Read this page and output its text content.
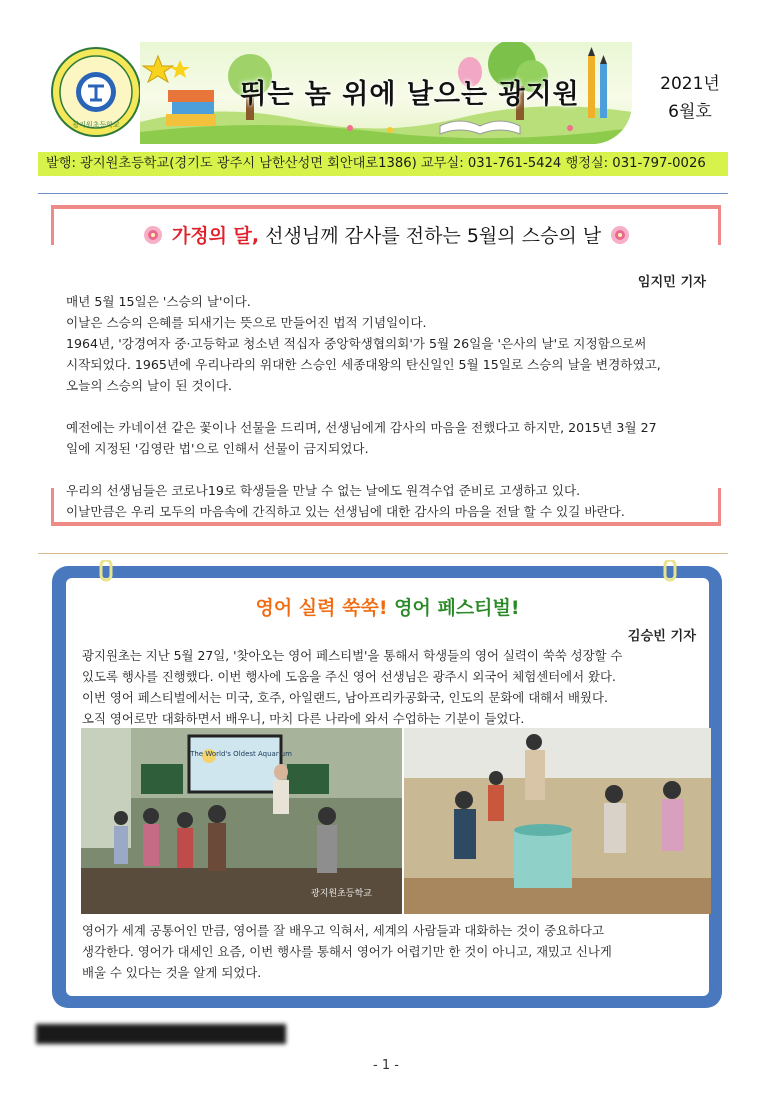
광지원초등학교
뛰는 놈 위에 날으는 광지원	2021년
6월호
발행: 광지원초등학교(경기도 광주시 남한산성면 회안대로1386) 교무실: 031-761-5424 행정실: 031-797-0026
가정의 달, 선생님께 감사를 전하는 5월의 스승의 날
임지민 기자

매년 5월 15일은 '스승의 날'이다.

이날은 스승의 은혜를 되새기는 뜻으로 만들어진 법적 기념일이다.

1964년, '강경여자 중·고등학교 청소년 적십자 중앙학생협의회'가 5월 26일을 '은사의 날'로 지정함으로써

시작되었다. 1965년에 우리나라의 위대한 스승인 세종대왕의 탄신일인 5월 15일로 스승의 날을 변경하였고,

오늘의 스승의 날이 된 것이다.

예전에는 카네이션 같은 꽃이나 선물을 드리며, 선생님에게 감사의 마음을 전했다고 하지만, 2015년 3월 27

일에 지정된 '김영란 법'으로 인해서 선물이 금지되었다.

우리의 선생님들은 코로나19로 학생들을 만날 수 없는 날에도 원격수업 준비로 고생하고 있다.

이날만큼은 우리 모두의 마음속에 간직하고 있는 선생님에 대한 감사의 마음을 전달 할 수 있길 바란다.

영어 실력 쑥쑥! 영어 페스티벌!
김승빈 기자

광지원초는 지난 5월 27일, '찾아오는 영어 페스티벌'을 통해서 학생들의 영어 실력이 쑥쑥 성장할 수

있도록 행사를 진행했다. 이번 행사에 도움을 주신 영어 선생님은 광주시 외국어 체험센터에서 왔다.

이번 영어 페스티벌에서는 미국, 호주, 아일랜드, 남아프리카공화국, 인도의 문화에 대해서 배웠다.

오직 영어로만 대화하면서 배우니, 마치 다른 나라에 와서 수업하는 기분이 들었다.

The World's Oldest Aquarium
광지원초등학교

영어가 세계 공통어인 만큼, 영어를 잘 배우고 익혀서, 세계의 사람들과 대화하는 것이 중요하다고

생각한다. 영어가 대세인 요즘, 이번 행사를 통해서 영어가 어렵기만 한 것이 아니고, 재밌고 신나게

배울 수 있다는 것을 알게 되었다.

- 1 -
